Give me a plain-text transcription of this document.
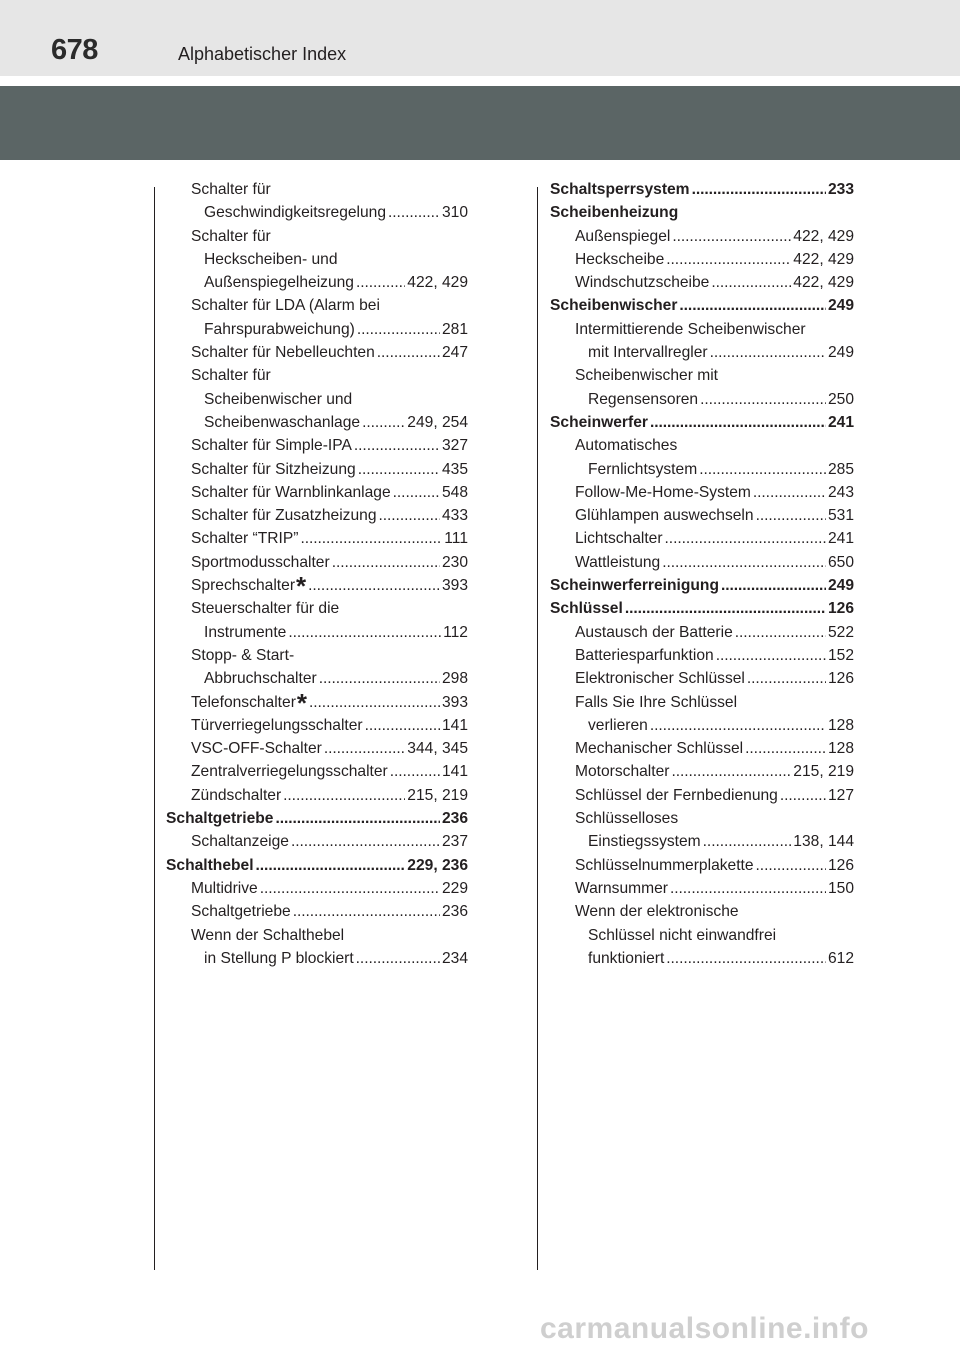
678	Alphabetischer Index
Schalter für
Geschwindigkeitsregelung . . .	310
Schalter für
Heckscheiben- und
Außenspiegelheizung . . .	422, 429
Schalter für LDA (Alarm bei
Fahrspurabweichung) . . .	281
Schalter für Nebelleuchten . . .	247
Schalter für
Scheibenwischer und
Scheibenwaschanlage . . .	249, 254
Schalter für Simple-IPA . . .	327
Schalter für Sitzheizung . . .	435
Schalter für Warnblinkanlage . . .	548
Schalter für Zusatzheizung . . .	433
Schalter “TRIP” . . .	111
Sportmodusschalter . . .	230
Sprechschalter * . . .	393
Steuerschalter für die
Instrumente . . .	112
Stopp- & Start-
Abbruchschalter . . .	298
Telefonschalter * . . .	393
Türverriegelungsschalter . . .	141
VSC-OFF-Schalter . . .	344, 345
Zentralverriegelungsschalter . . .	141
Zündschalter . . .	215, 219
Schaltgetriebe . . .	236
Schaltanzeige . . .	237
Schalthebel . . .	229, 236
Multidrive . . .	229
Schaltgetriebe . . .	236
Wenn der Schalthebel
in Stellung P blockiert . . .	234
Schaltsperrsystem . . .	233
Scheibenheizung
Außenspiegel . . .	422, 429
Heckscheibe . . .	422, 429
Windschutzscheibe . . .	422, 429
Scheibenwischer . . .	249
Intermittierende Scheibenwischer
mit Intervallregler . . .	249
Scheibenwischer mit
Regensensoren . . .	250
Scheinwerfer . . .	241
Automatisches
Fernlichtsystem . . .	285
Follow-Me-Home-System . . .	243
Glühlampen auswechseln . . .	531
Lichtschalter . . .	241
Wattleistung . . .	650
Scheinwerferreinigung . . .	249
Schlüssel . . .	126
Austausch der Batterie . . .	522
Batteriesparfunktion . . .	152
Elektronischer Schlüssel . . .	126
Falls Sie Ihre Schlüssel
verlieren . . .	128
Mechanischer Schlüssel . . .	128
Motorschalter . . .	215, 219
Schlüssel der Fernbedienung . . .	127
Schlüsselloses
Einstiegssystem . . .	138, 144
Schlüsselnummerplakette . . .	126
Warnsummer . . .	150
Wenn der elektronische
Schlüssel nicht einwandfrei
funktioniert . . .	612
carmanualsonline.info
